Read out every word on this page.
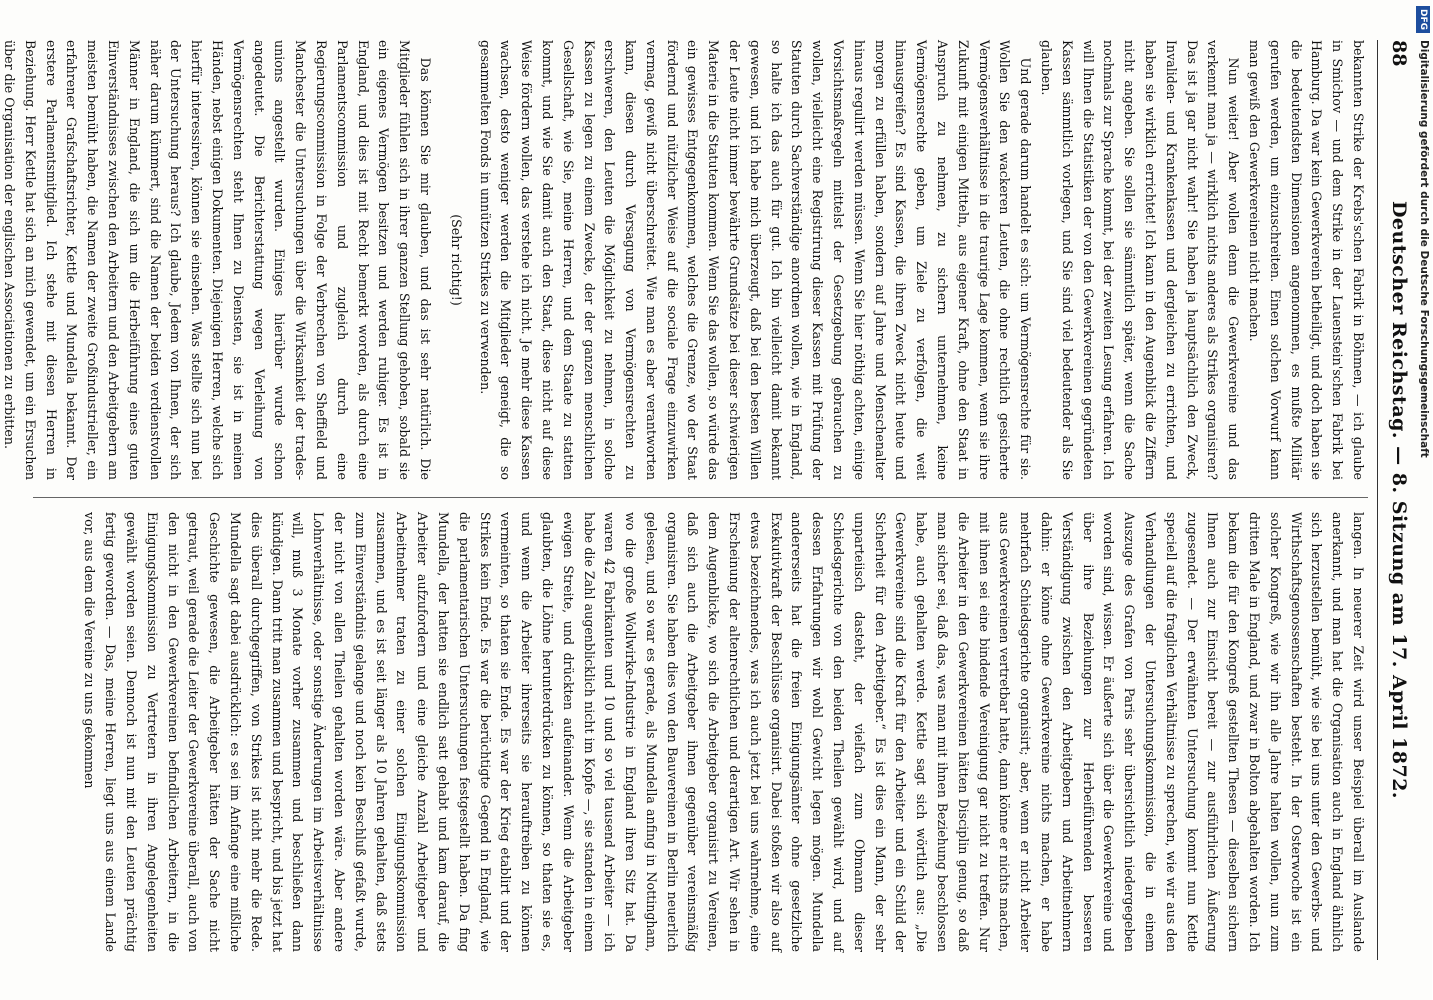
88
Deutscher Reichstag. — 8. Sitzung am 17. April 1872.

bekannten Strike der Krebs'schen Fabrik in Böhmen, — ich glaube in Smichov — und dem Strike in der Lauenstein'schen Fabrik bei Hamburg. Da war kein Gewerkverein betheiligt, und doch haben sie die bedeutendsten Dimensionen angenommen, es mußte Militär gerufen werden, um einzuschreiten. Einen solchen Vorwurf kann man gewiß den Gewerkvereinen nicht machen.

Nun weiter! Aber wollen denn die Gewerkvereine und das verkennt man ja — wirklich nichts anderes als Strikes organisiren? Das ist ja gar nicht wahr! Sie haben ja hauptsächlich den Zweck, Invaliden- und Krankenkassen und dergleichen zu errichten, und haben sie wirklich errichtet! Ich kann in den Augenblick die Ziffern nicht angeben. Sie sollen sie sämmtlich später, wenn die Sache nochmals zur Sprache kommt, bei der zweiten Lesung erfahren. Ich will Ihnen die Statistiken der von den Gewerkvereinen gegründeten Kassen sämmtlich vorlegen, und Sie sind viel bedeutender als Sie glauben.

Und gerade darum handelt es sich: um Vermögensrechte für sie. Wollen Sie den wackeren Leuten, die ohne rechtlich gesicherte Vermögensverhältnisse in die traurige Lage kommen, wenn sie ihre Zukunft mit einigen Mitteln, aus eigener Kraft, ohne den Staat in Anspruch zu nehmen, zu sichern unternehmen, keine Vermögensrechte geben, um Ziele zu verfolgen, die weit hinausgreifen? Es sind Kassen, die ihren Zweck nicht heute und morgen zu erfüllen haben, sondern auf Jahre und Menschenalter hinaus regulirt werden müssen. Wenn Sie hier nöthig achten, einige Vorsichtsmaßregeln mittelst der Gesetzgebung gebrauchen zu wollen, vielleicht eine Registrirung dieser Kassen mit Prüfung der Statuten durch Sachverständige anordnen wollen, wie in England, so halte ich das auch für gut. Ich bin vielleicht damit bekannt gewesen, und ich habe mich überzeugt, daß bei den besten Willen der Leute nicht immer bewährte Grundsätze bei dieser schwierigen Materie in die Statuten kommen. Wenn Sie das wollen, so würde das ein gewisses Entgegenkommen, welches die Grenze, wo der Staat fördernd und nützlicher Weise auf die sociale Frage einzuwirken vermag, gewiß nicht überschreitet. Wie man es aber verantworten kann, diesen durch Versagung von Vermögensrechten zu erschweren, den Leuten die Möglichkeit zu nehmen, in solche Kassen zu legen zu einem Zwecke, der der ganzen menschlichen Gesellschaft, wie Sie, meine Herren, und dem Staate zu statten kommt, und wie Sie damit auch den Staat, diese nicht auf diese Weise fördern wollen, das verstehe ich nicht. Je mehr diese Kassen wachsen, desto weniger werden die Mitglieder geneigt, die so gesammelten Fonds in unnützen Strikes zu verwenden.

(Sehr richtig!)

Das können Sie mir glauben, und das ist sehr natürlich. Die Mitglieder fühlen sich in ihrer ganzen Stellung gehoben, sobald sie ein eigenes Vermögen besitzen und werden ruhiger. Es ist in England, und dies ist mit Recht bemerkt worden, als durch eine Parlamentscommission und zugleich durch eine Regierungscommission in Folge der Verbrechen von Sheffield und Manchester die Untersuchungen über die Wirksamkeit der trades-unions angestellt wurden. Einiges hierüber wurde schon angedeutet. Die Berichterstattung wegen Verleihung von Vermögensrechten steht Ihnen zu Diensten, sie ist in meinen Händen, nebst einigen Dokumenten. Diejenigen Herren, welche sich hierfür interessiren, können sie einsehen. Was stellte sich nun bei der Untersuchung heraus? Ich glaube, Jedem von Ihnen, der sich näher darum kümmert, sind die Namen der beiden verdienstvollen Männer in England, die sich um die Herbeiführung eines guten Einverständnisses zwischen den Arbeitern und den Arbeitgebern am meisten bemüht haben, die Namen der zweite Großindustrieller, ein erfahrener Grafschaftsrichter, Kettle und Mundella bekannt. Der erstere Parlamentsmitglied. Ich stehe mit diesen Herren in Beziehung. Herr Kettle hat sich an mich gewendet, um ein Ersuchen über die Organisation der englischen Associationen zu erbitten.

langen. In neuerer Zeit wird unser Beispiel überall im Auslande anerkannt, und man hat die Organisation auch in England ähnlich sich herzustellen bemüht, wie sie bei uns unter den Gewerbs- und Wirthschaftsgenossenschaften besteht. In der Osterwoche ist ein solcher Kongreß, wie wir ihn alle Jahre halten wollen, nun zum dritten Male in England, und zwar in Bolton abgehalten worden. Ich bekam die für den Kongreß gestellten Thesen — dieselben sichern Ihnen auch zur Einsicht bereit — zur ausführlichen Äußerung zugesendet. — Der erwähnten Untersuchung kommt nun Kettle speciell auf die fraglichen Verhältnisse zu sprechen, wie wir aus den Verhandlungen der Untersuchungskommission, die in einem Auszuge des Grafen von Paris sehr übersichtlich niedergegeben worden sind, wissen. Er äußerte sich über die Gewerkvereine und über ihre Beziehungen zur Herbeiführenden besseren Verständigung zwischen den Arbeitgebern und Arbeitnehmern dahin: er könne ohne Gewerkvereine nichts machen, er habe mehrfach Schiedsgerichte organisirt; aber, wenn er nicht Arbeiter aus Gewerkvereinen vertretbar hatte, dann könne er nichts machen, mit ihnen sei eine bindende Vereinigung gar nicht zu treffen. Nur die Arbeiter in den Gewerkvereinen hätten Disciplin genug, so daß man sicher sei, daß das, was man mit ihnen Beziehung beschlossen habe, auch gehalten werde. Kettle sagt sich wörtlich aus: „Die Gewerkvereine sind die Kraft für den Arbeiter und ein Schild der Sicherheit für den Arbeitgeber.“ Es ist dies ein Mann, der sehr unparteiisch dasteht, der vielfach zum Obmann dieser Schiedsgerichte von den beiden Theilen gewählt wird, und auf dessen Erfahrungen wir wohl Gewicht legen mögen. Mundella andererseits hat die freien Einigungsämter ohne gesetzliche Exekutivkraft der Beschlüsse organisirt. Dabei stoßen wir also auf etwas bezeichnendes, was ich auch jetzt bei uns wahrnehme, eine Erscheinung der altenrechtlichen und derartigen Art. Wir sehen in dem Augenblicke, wo sich die Arbeitgeber organisirt zu Vereinen, daß sich auch die Arbeitgeber ihnen gegenüber vereinsmäßig organisiren. Sie haben dies von den Bauvereinen in Berlin neuerlich gelesen, und so war es gerade, als Mundella anfing in Nottingham, wo die große Wollwirke-Industrie in England ihren Sitz hat. Da waren 42 Fabrikanten und 10 und so viel tausend Arbeiter — ich habe die Zahl augenblicklich nicht im Kopfe —, sie standen in einem ewigen Streite, und drückten aufeinander. Wenn die Arbeitgeber glaubten, die Löhne herunterdrücken zu können, so thaten sie es, und wenn die Arbeiter ihrerseits sie herauftreiben zu können vermeinten, so thaten sie Ende. Es war der Krieg etablirt und der Strikes kein Ende. Es war die berüchtigte Gegend in England, wie die parlamentarischen Untersuchungen festgestellt haben. Da fing Mundella, der hatten sie endlich satt gehabt und kam darauf, die Arbeiter aufzufordern und eine gleiche Anzahl Arbeitgeber und Arbeitnehmer traten zu einer solchen Einigungskommission zusammen, und es ist seit länger als 10 Jahren gehalten, daß stets zum Einverständnis gelange und noch kein Beschluß gefaßt wurde, der nicht von allen Theilen gehalten worden wäre. Aber andere Lohnverhältnisse, oder sonstige Änderungen im Arbeitsverhältnisse will, muß 3 Monate vorher zusammen und beschließen dann kündigen. Dann tritt man zusammen und bespricht, und bis jetzt hat dies überall durchgegriffen, von Strikes ist nicht mehr die Rede. Mundella sagt dabei ausdrücklich: es sei im Anfange eine mißliche Geschichte gewesen, die Arbeitgeber hätten der Sache nicht getraut, weil gerade die Leiter der Gewerkvereine überall, auch von den nicht in den Gewerkvereinen befindlichen Arbeitern, in die Einigungskommission zu Vertretern in ihren Angelegenheiten gewählt worden seien. Dennoch ist nun mit den Leuten prächtig fertig geworden. — Das, meine Herren, liegt uns aus einem Lande vor, aus dem die Vereine zu uns gekommen

DFG
Digitalisierung gefördert durch die Deutsche Forschungsgemeinschaft
